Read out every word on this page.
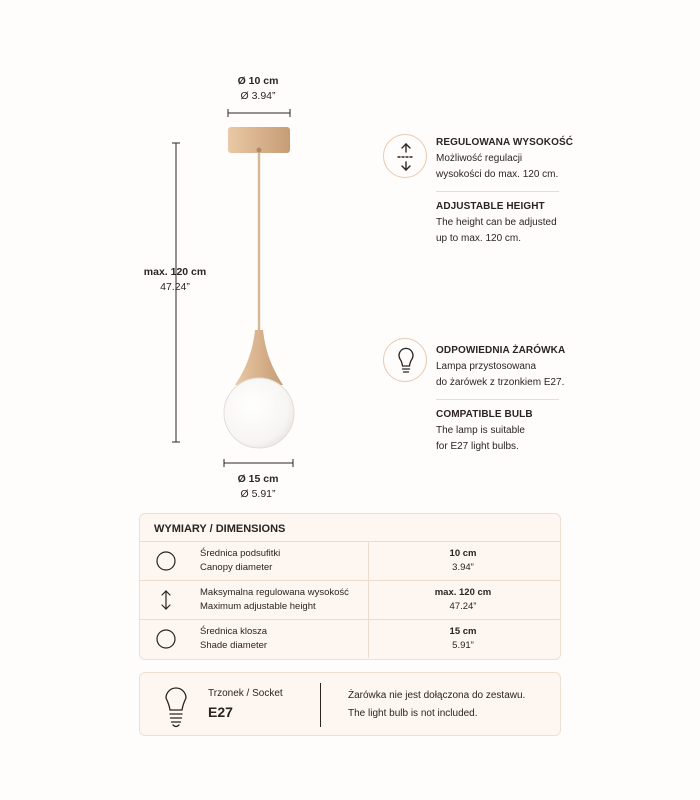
Ø 10 cm
Ø 3.94”
max. 120 cm
47.24”
Ø 15 cm
Ø 5.91”
REGULOWANA WYSOKOŚĆ
Możliwość regulacji
wysokości do max. 120 cm.
ADJUSTABLE HEIGHT
The height can be adjusted
up to max. 120 cm.
ODPOWIEDNIA ŻARÓWKA
Lampa przystosowana
do żarówek z trzonkiem E27.
COMPATIBLE BULB
The lamp is suitable
for E27 light bulbs.
WYMIARY / DIMENSIONS
Średnica podsufitki
Canopy diameter
10 cm
3.94”
Maksymalna regulowana wysokość
Maximum adjustable height
max. 120 cm
47.24”
Średnica klosza
Shade diameter
15 cm
5.91”
Trzonek / Socket
E27
Żarówka nie jest dołączona do zestawu.
The light bulb is not included.
